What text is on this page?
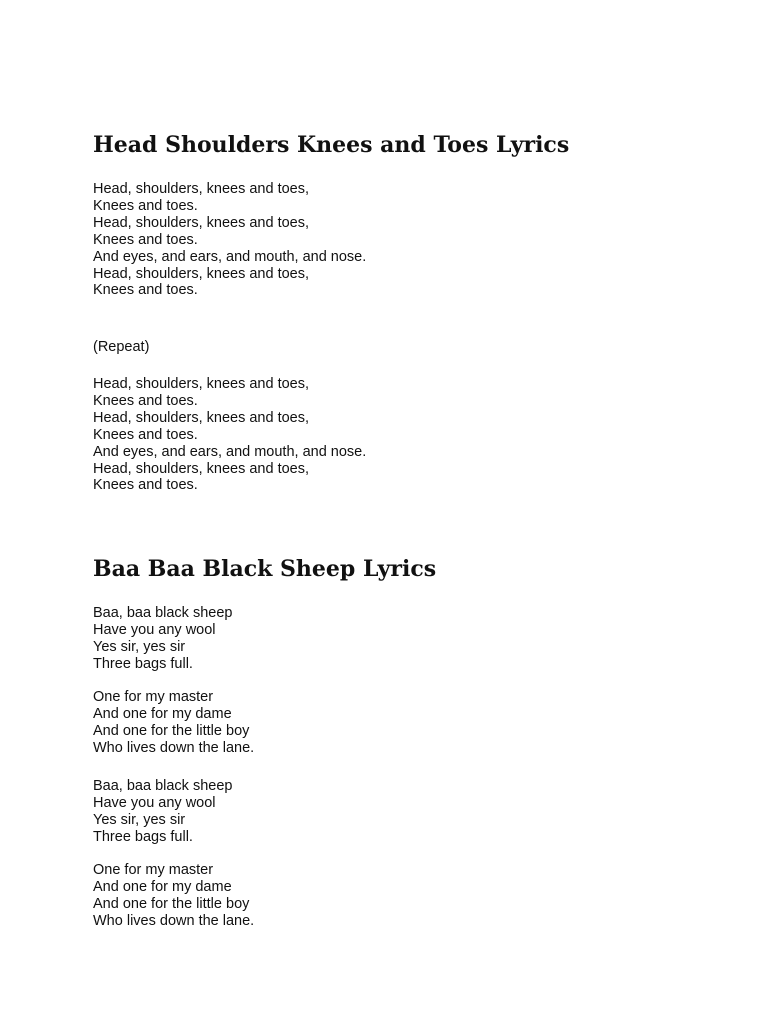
Head Shoulders Knees and Toes Lyrics
Head, shoulders, knees and toes,
Knees and toes.
Head, shoulders, knees and toes,
Knees and toes.
And eyes, and ears, and mouth, and nose.
Head, shoulders, knees and toes,
Knees and toes.
(Repeat)
Head, shoulders, knees and toes,
Knees and toes.
Head, shoulders, knees and toes,
Knees and toes.
And eyes, and ears, and mouth, and nose.
Head, shoulders, knees and toes,
Knees and toes.
Baa Baa Black Sheep Lyrics
Baa, baa black sheep
Have you any wool
Yes sir, yes sir
Three bags full.
One for my master
And one for my dame
And one for the little boy
Who lives down the lane.
Baa, baa black sheep
Have you any wool
Yes sir, yes sir
Three bags full.
One for my master
And one for my dame
And one for the little boy
Who lives down the lane.
